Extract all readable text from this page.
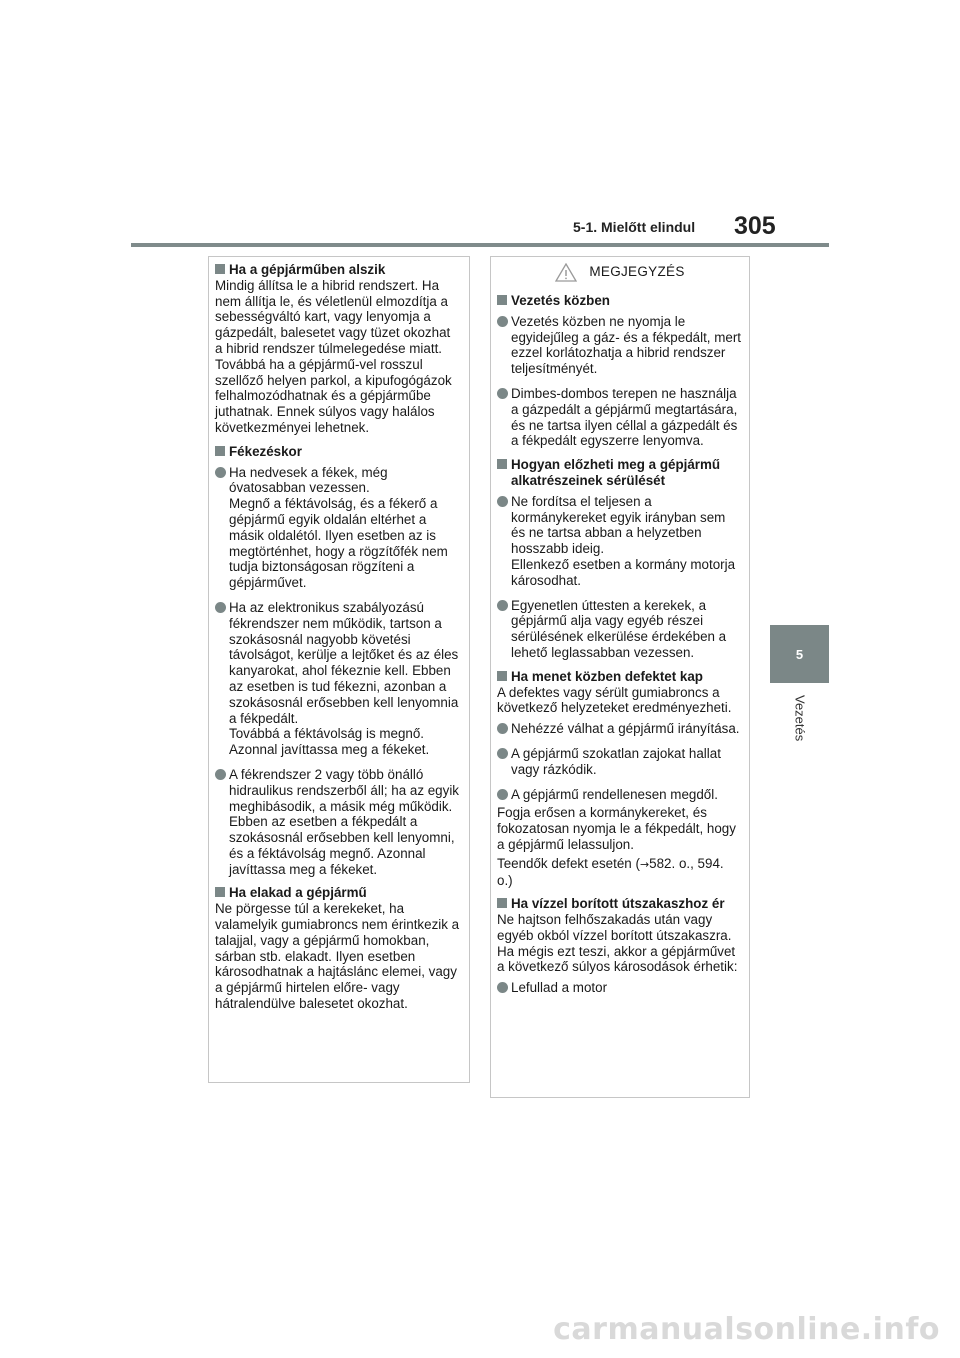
5-1. Mielőtt elindul 305
5
Vezetés
Ha a gépjárműben alszik

Mindig állítsa le a hibrid rendszert. Ha nem állítja le, és véletlenül elmozdítja a sebességváltó kart, vagy lenyomja a gázpedált, balesetet vagy tüzet okozhat a hibrid rendszer túlmelegedése miatt. Továbbá ha a gépjármű-vel rosszul szellőző helyen parkol, a kipufogógázok felhalmozódhatnak és a gépjárműbe juthatnak. Ennek súlyos vagy halálos következményei lehetnek.

Fékezéskor

Ha nedvesek a fékek, még óvatosabban vezessen.

Megnő a féktávolság, és a fékerő a gépjármű egyik oldalán eltérhet a másik oldalétól. Ilyen esetben az is megtörténhet, hogy a rögzítőfék nem tudja biztonságosan rögzíteni a gépjárművet.

Ha az elektronikus szabályozású fékrendszer nem működik, tartson a szokásosnál nagyobb követési távolságot, kerülje a lejtőket és az éles kanyarokat, ahol fékeznie kell. Ebben az esetben is tud fékezni, azonban a szokásosnál erősebben kell lenyomnia a fékpedált.

Továbbá a féktávolság is megnő. Azonnal javíttassa meg a fékeket.

A fékrendszer 2 vagy több önálló hidraulikus rendszerből áll; ha az egyik meghibásodik, a másik még működik. Ebben az esetben a fékpedált a szokásosnál erősebben kell lenyomni, és a féktávolság megnő. Azonnal javíttassa meg a fékeket.

Ha elakad a gépjármű

Ne pörgesse túl a kerekeket, ha valamelyik gumiabroncs nem érintkezik a talajjal, vagy a gépjármű homokban, sárban stb. elakadt. Ilyen esetben károsodhatnak a hajtáslánc elemei, vagy a gépjármű hirtelen előre- vagy hátralendülve balesetet okozhat.

MEGJEGYZÉS
Vezetés közben

Vezetés közben ne nyomja le egyidejűleg a gáz- és a fékpedált, mert ezzel korlátozhatja a hibrid rendszer teljesítményét.

Dimbes-dombos terepen ne használja a gázpedált a gépjármű megtartására, és ne tartsa ilyen céllal a gázpedált és a fékpedált egyszerre lenyomva.

Hogyan előzheti meg a gépjármű alkatrészeinek sérülését

Ne fordítsa el teljesen a kormánykereket egyik irányban sem és ne tartsa abban a helyzetben hosszabb ideig.

Ellenkező esetben a kormány motorja károsodhat.

Egyenetlen úttesten a kerekek, a gépjármű alja vagy egyéb részei sérülésének elkerülése érdekében a lehető leglassabban vezessen.

Ha menet közben defektet kap

A defektes vagy sérült gumiabroncs a következő helyzeteket eredményezheti.

Nehézzé válhat a gépjármű irányítása.

A gépjármű szokatlan zajokat hallat vagy rázkódik.

A gépjármű rendellenesen megdől.

Fogja erősen a kormánykereket, és fokozatosan nyomja le a fékpedált, hogy a gépjármű lelassuljon.

Teendők defekt esetén (→582. o., 594. o.)

Ha vízzel borított útszakaszhoz ér

Ne hajtson felhőszakadás után vagy egyéb okból vízzel borított útszakaszra. Ha mégis ezt teszi, akkor a gépjárművet a következő súlyos károsodások érhetik:

Lefullad a motor

carmanualsonline.info
